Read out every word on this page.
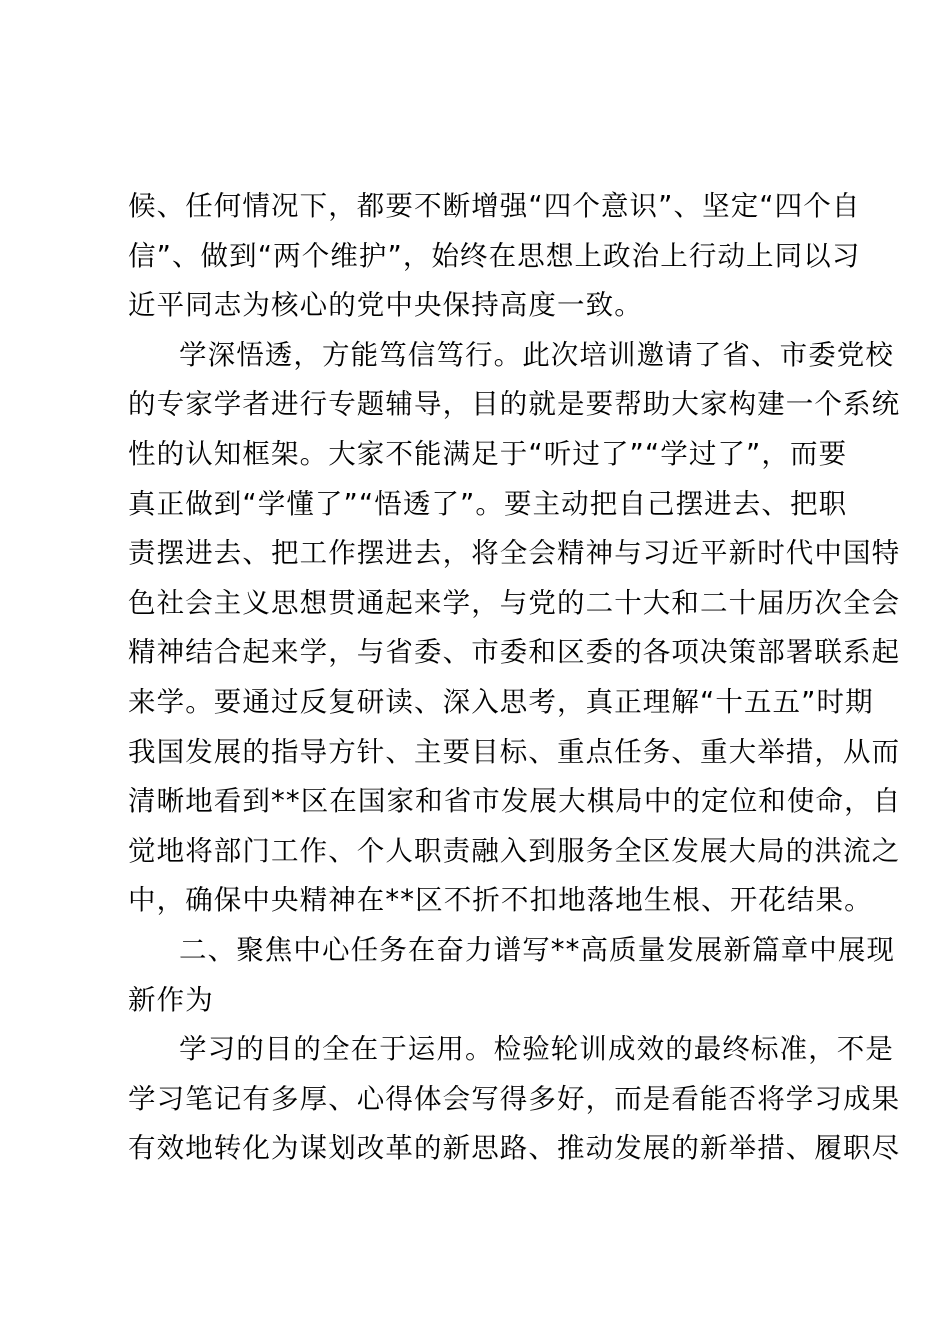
候、任何情况下，都要不断增强“四个意识”、坚定“四个自
信”、做到“两个维护”，始终在思想上政治上行动上同以习
近平同志为核心的党中央保持高度一致。
学深悟透，方能笃信笃行。此次培训邀请了省、市委党校
的专家学者进行专题辅导，目的就是要帮助大家构建一个系统
性的认知框架。大家不能满足于“听过了”“学过了”，而要
真正做到“学懂了”“悟透了”。要主动把自己摆进去、把职
责摆进去、把工作摆进去，将全会精神与习近平新时代中国特
色社会主义思想贯通起来学，与党的二十大和二十届历次全会
精神结合起来学，与省委、市委和区委的各项决策部署联系起
来学。要通过反复研读、深入思考，真正理解“十五五”时期
我国发展的指导方针、主要目标、重点任务、重大举措，从而
清晰地看到**区在国家和省市发展大棋局中的定位和使命，自
觉地将部门工作、个人职责融入到服务全区发展大局的洪流之
中，确保中央精神在**区不折不扣地落地生根、开花结果。
二、聚焦中心任务在奋力谱写**高质量发展新篇章中展现
新作为
学习的目的全在于运用。检验轮训成效的最终标准，不是
学习笔记有多厚、心得体会写得多好，而是看能否将学习成果
有效地转化为谋划改革的新思路、推动发展的新举措、履职尽
